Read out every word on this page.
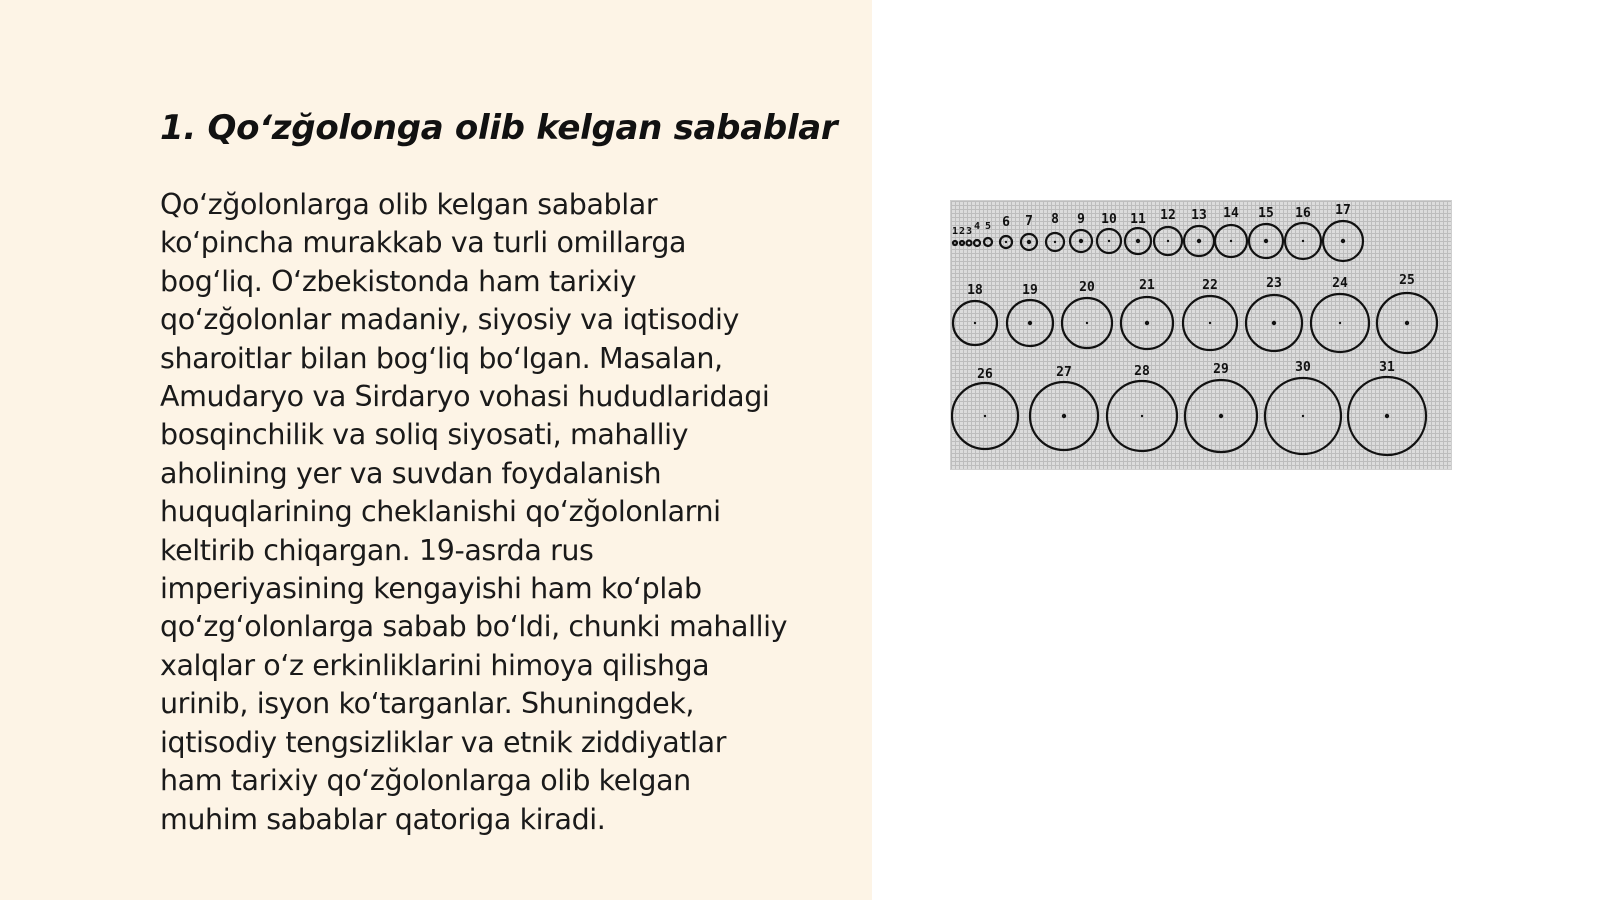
1. Qo‘zğolonga olib kelgan sabablar

Qo‘zğolonlarga olib kelgan sabablar
ko‘pincha murakkab va turli omillarga
bog‘liq. O‘zbekistonda ham tarixiy
qo‘zğolonlar madaniy, siyosiy va iqtisodiy
sharoitlar bilan bog‘liq bo‘lgan. Masalan,
Amudaryo va Sirdaryo vohasi hududlaridagi
bosqinchilik va soliq siyosati, mahalliy
aholining yer va suvdan foydalanish
huquqlarining cheklanishi qo‘zğolonlarni
keltirib chiqargan. 19-asrda rus
imperiyasining kengayishi ham ko‘plab
qo‘zg‘olonlarga sabab bo‘ldi, chunki mahalliy
xalqlar o‘z erkinliklarini himoya qilishga
urinib, isyon ko‘targanlar. Shuningdek,
iqtisodiy tengsizliklar va etnik ziddiyatlar
ham tarixiy qo‘zğolonlarga olib kelgan
muhim sabablar qatoriga kiradi.

1 2 3 4 5 6 7 8 9 10 11 12 13 14 15 16 17
18	19	20	21	22	23	24	25
26	27	28	29	30	31
